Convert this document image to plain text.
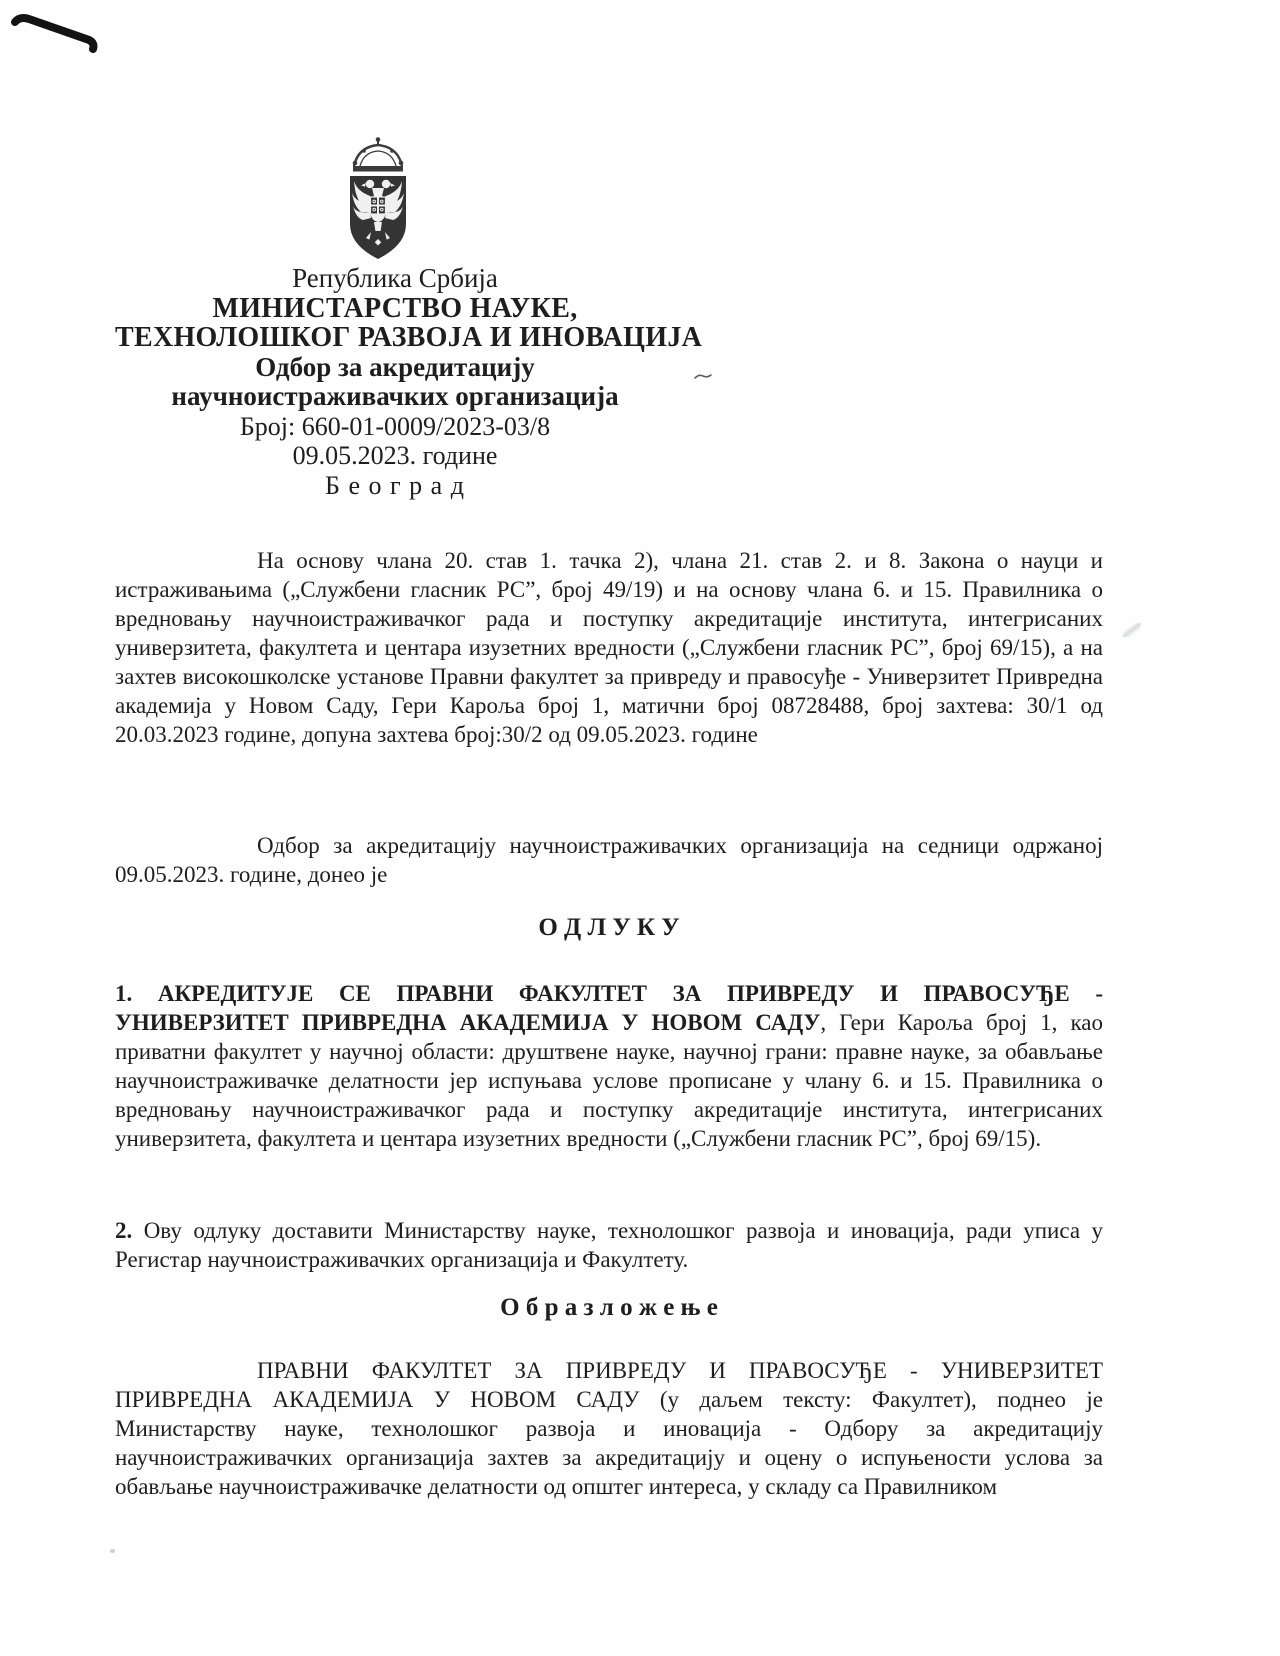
Република Србија
МИНИСТАРСТВО НАУКЕ,
ТЕХНОЛОШКОГ РАЗВОЈА И ИНОВАЦИЈА
Одбор за акредитацију
научноистраживачких организација
Број: 660-01-0009/2023-03/8
09.05.2023. године
Б е о г р а д

На основу члана 20. став 1. тачка 2), члана 21. став 2. и 8. Закона о науци и истраживањима („Службени гласник РС”, број 49/19) и на основу члана 6. и 15. Правилника о вредновању научноистраживачког рада и поступку акредитације института, интегрисаних универзитета, факултета и центара изузетних вредности („Службени гласник РС”, број 69/15), а на захтев високошколске установе Правни факултет за привреду и правосуђе - Универзитет Привредна академија у Новом Саду, Гери Кароља број 1, матични број 08728488, број захтева: 30/1 од 20.03.2023 године, допуна захтева број:30/2 од 09.05.2023. године

Одбор за акредитацију научноистраживачких организација на седници одржаној 09.05.2023. године, донео је

О Д Л У К У

1. АКРЕДИТУЈЕ СЕ ПРАВНИ ФАКУЛТЕТ ЗА ПРИВРЕДУ И ПРАВОСУЂЕ - УНИВЕРЗИТЕТ ПРИВРЕДНА АКАДЕМИЈА У НОВОМ САДУ, Гери Кароља број 1, као приватни факултет у научној области: друштвене науке, научној грани: правне науке, за обављање научноистраживачке делатности јер испуњава услове прописане у члану 6. и 15. Правилника о вредновању научноистраживачког рада и поступку акредитације института, интегрисаних универзитета, факултета и центара изузетних вредности („Службени гласник РС”, број 69/15).

2. Ову одлуку доставити Министарству науке, технолошког развоја и иновација, ради уписа у Регистар научноистраживачких организација и Факултету.

О б р а з л о ж е њ е

ПРАВНИ ФАКУЛТЕТ ЗА ПРИВРЕДУ И ПРАВОСУЂЕ - УНИВЕРЗИТЕТ ПРИВРЕДНА АКАДЕМИЈА У НОВОМ САДУ (у даљем тексту: Факултет), поднео је Министарству науке, технолошког развоја и иновација - Одбору за акредитацију научноистраживачких организација захтев за акредитацију и оцену о испуњености услова за обављање научноистраживачке делатности од општег интереса, у складу са Правилником
